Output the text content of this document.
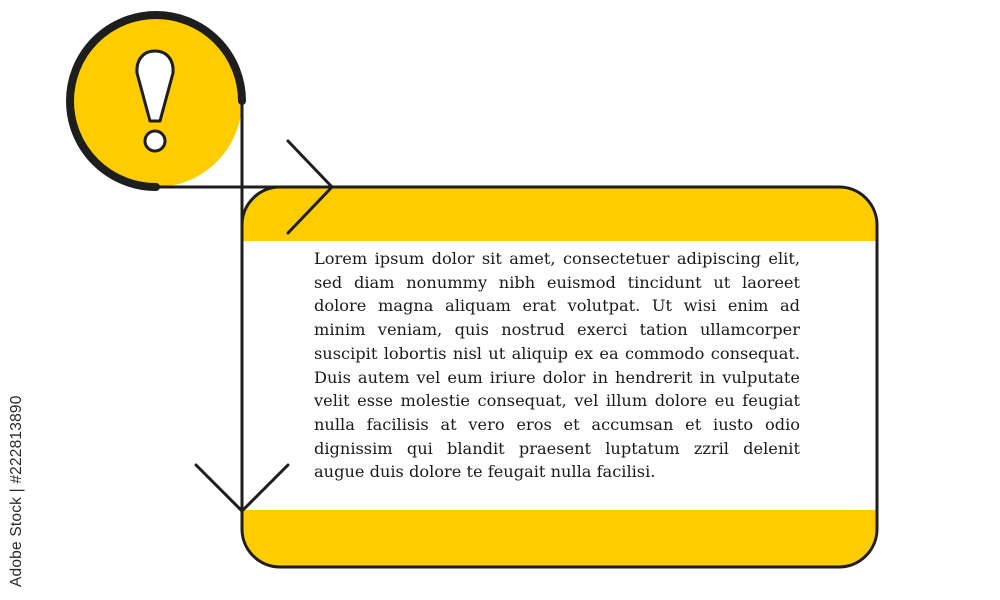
Lorem ipsum dolor sit amet, consectetuer adipiscing elit, sed diam nonummy nibh euismod tincidunt ut laoreet dolore magna aliquam erat volutpat. Ut wisi enim ad minim veniam, quis nostrud exerci tation ullamcorper suscipit lobortis nisl ut aliquip ex ea commodo consequat. Duis autem vel eum iriure dolor in hendrerit in vulputate velit esse molestie consequat, vel illum dolore eu feugiat nulla facilisis at vero eros et accumsan et iusto odio dignissim qui blandit praesent luptatum zzril delenit augue duis dolore te feugait nulla facilisi.

Adobe Stock | #222813890
